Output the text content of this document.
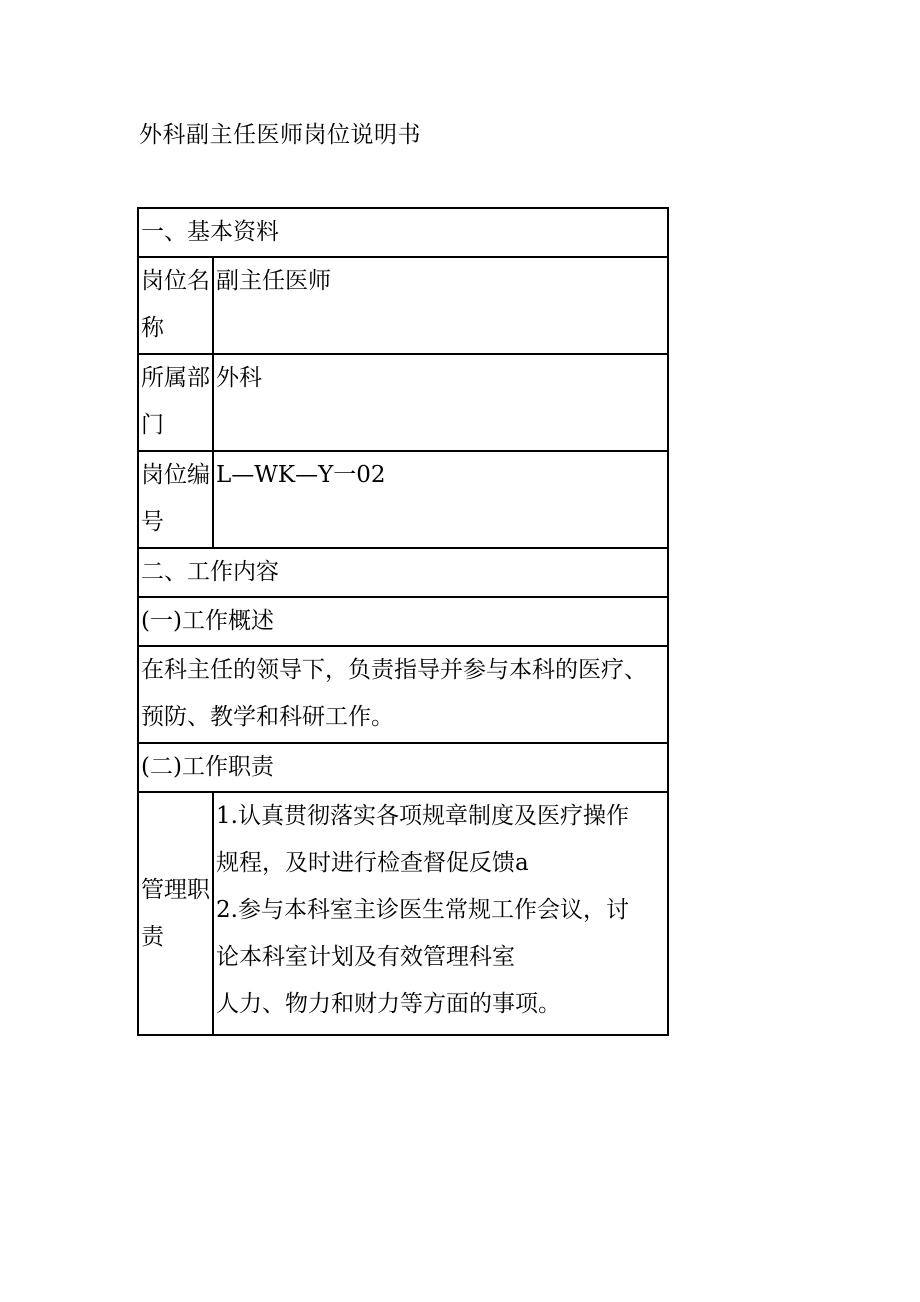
外科副主任医师岗位说明书
一、基本资料	
岗位名称	副主任医师
所属部门	外科
岗位编号	L—WK—Y一02
二、工作内容	
(一)工作概述	

在科主任的领导下，负责指导并参与本科的医疗、
预防、教学和科研工作。	

(二)工作职责	
管理职责	1.认真贯彻落实各项规章制度及医疗操作
规程，及时进行检查督促反馈a
2.参与本科室主诊医生常规工作会议，讨
论本科室计划及有效管理科室
人力、物力和财力等方面的事项。
